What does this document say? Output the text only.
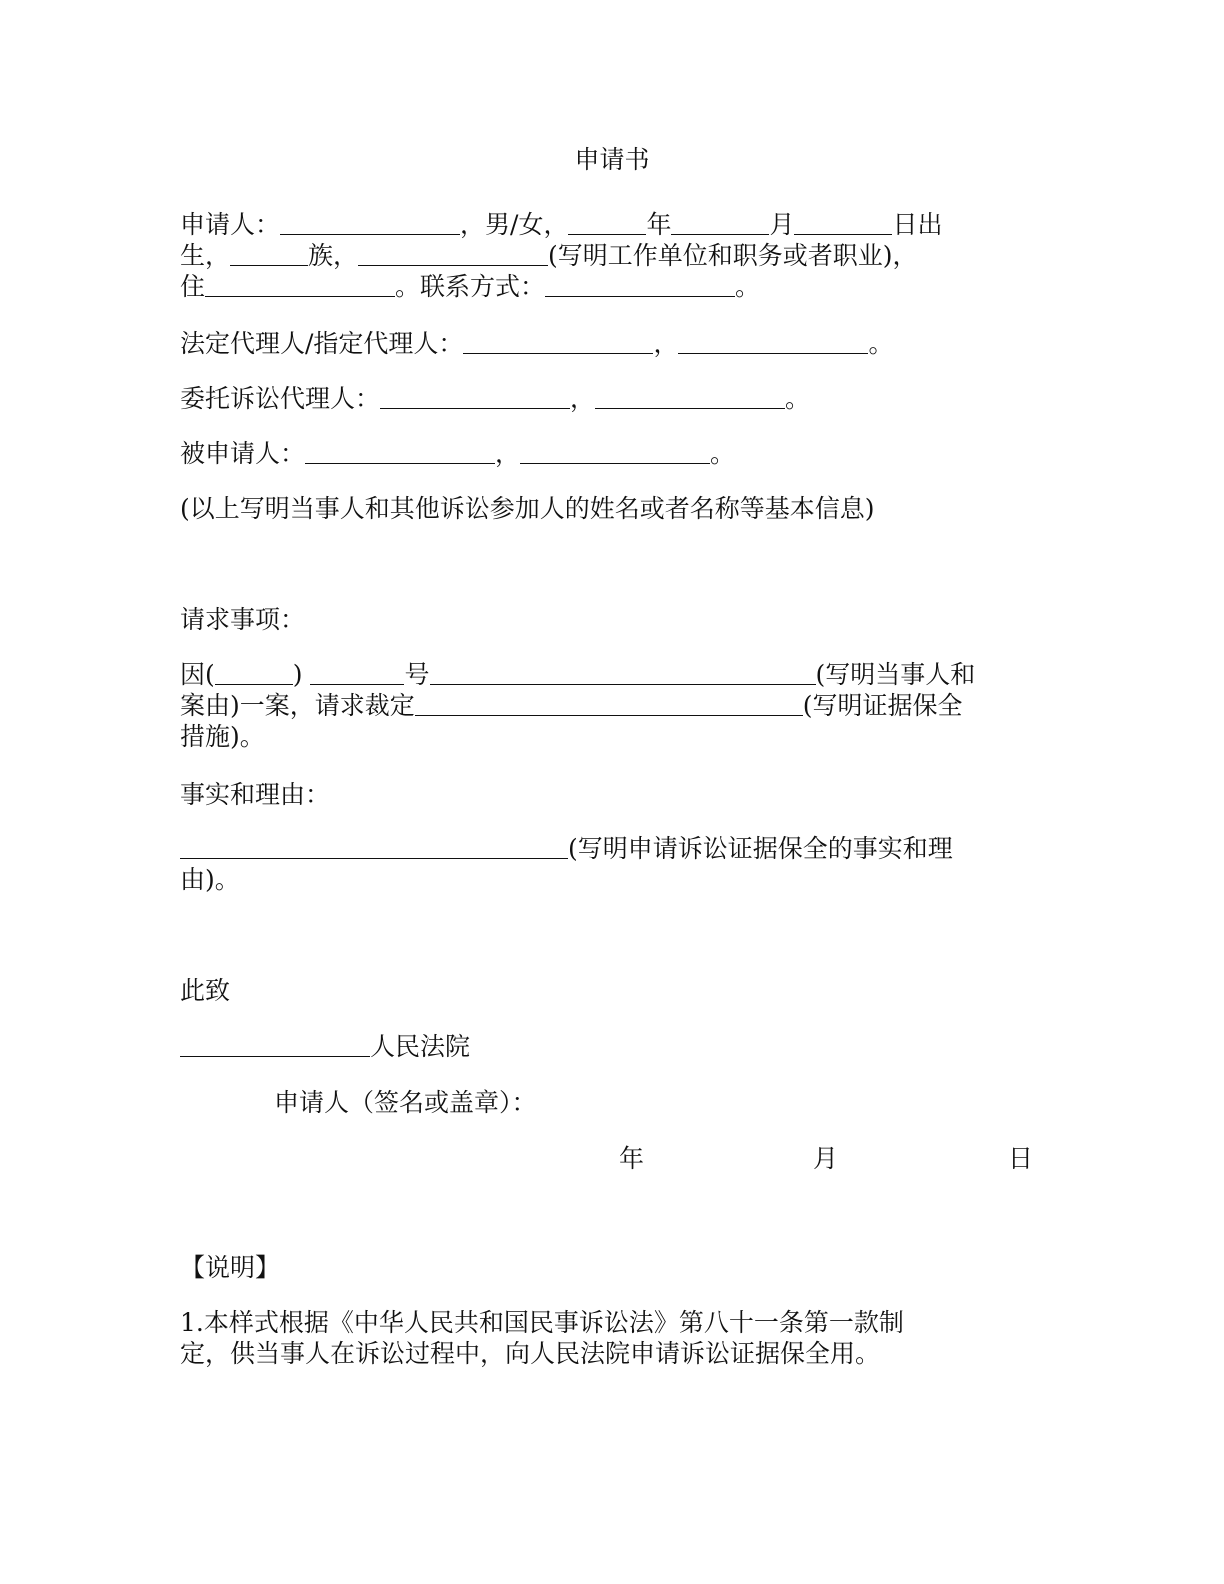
申请书
申请人：	，男/女，	年	月	日出
生，	族，	(写明工作单位和职务或者职业)，
住	。联系方式：	。
法定代理人/指定代理人：	，	。
委托诉讼代理人：	，	。
被申请人：	，	。
(以上写明当事人和其他诉讼参加人的姓名或者名称等基本信息)
请求事项：
因(	)	号	(写明当事人和
案由)一案，请求裁定	(写明证据保全
措施)。
事实和理由：
(写明申请诉讼证据保全的事实和理
由)。
此致
人民法院
申请人（签名或盖章）：
年	月	日
【说明】
1.本样式根据《中华人民共和国民事诉讼法》第八十一条第一款制
定，供当事人在诉讼过程中，向人民法院申请诉讼证据保全用。
